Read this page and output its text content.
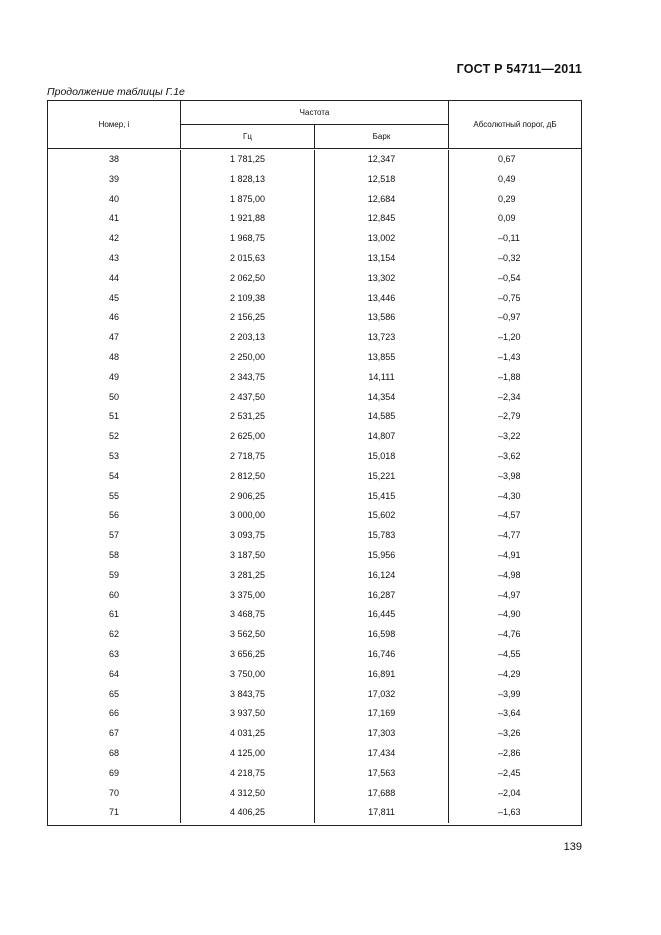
ГОСТ Р 54711—2011
Продолжение таблицы Г.1е
Номер, i
Частота
Гц	Барк
Абсолютный порог, дБ
38	1 781,25	12,347	0,67
39	1 828,13	12,518	0,49
40	1 875,00	12,684	0,29
41	1 921,88	12,845	0,09
42	1 968,75	13,002	–0,11
43	2 015,63	13,154	–0,32
44	2 062,50	13,302	–0,54
45	2 109,38	13,446	–0,75
46	2 156,25	13,586	–0,97
47	2 203,13	13,723	–1,20
48	2 250,00	13,855	–1,43
49	2 343,75	14,111	–1,88
50	2 437,50	14,354	–2,34
51	2 531,25	14,585	–2,79
52	2 625,00	14,807	–3,22
53	2 718,75	15,018	–3,62
54	2 812,50	15,221	–3,98
55	2 906,25	15,415	–4,30
56	3 000,00	15,602	–4,57
57	3 093,75	15,783	–4,77
58	3 187,50	15,956	–4,91
59	3 281,25	16,124	–4,98
60	3 375,00	16,287	–4,97
61	3 468,75	16,445	–4,90
62	3 562,50	16,598	–4,76
63	3 656,25	16,746	–4,55
64	3 750,00	16,891	–4,29
65	3 843,75	17,032	–3,99
66	3 937,50	17,169	–3,64
67	4 031,25	17,303	–3,26
68	4 125,00	17,434	–2,86
69	4 218,75	17,563	–2,45
70	4 312,50	17,688	–2,04
71	4 406,25	17,811	–1,63
139
